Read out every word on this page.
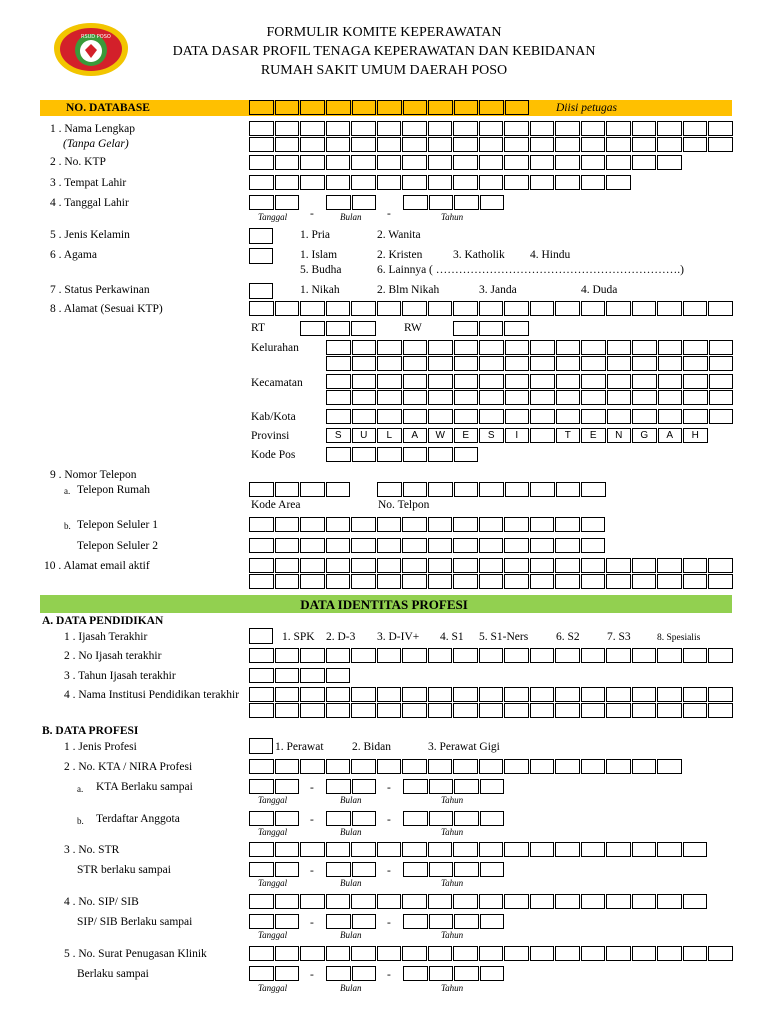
RSUD POSO	FORMULIR KOMITE KEPERAWATAN
DATA DASAR PROFIL TENAGA KEPERAWATAN DAN KEBIDANAN
RUMAH SAKIT UMUM DAERAH POSO
NO. DATABASE	Diisi petugas
1 . Nama Lengkap
(Tanpa Gelar)
2 . No. KTP
3 . Tempat Lahir
4 . Tanggal Lahir
-	-
Tanggal	Bulan	Tahun
5 . Jenis Kelamin	1. Pria	2. Wanita
6 . Agama	1. Islam	2. Kristen	3. Katholik 4. Hindu
5. Budha	6. Lainnya ( ……………………………………………………….)
7 . Status Perkawinan	1. Nikah	2. Blm Nikah	3. Janda	4. Duda
8 . Alamat (Sesuai KTP)
RT	RW
Kelurahan
Kecamatan
Kab/Kota
Provinsi	S	U	L	A	W	E	S	I	T	E	N	G	A	H
Kode Pos
9 . Nomor Telepon
a. Telepon Rumah
Kode Area	No. Telpon
b. Telepon Seluler 1
Telepon Seluler 2
10 . Alamat email aktif
DATA IDENTITAS PROFESI
A. DATA PENDIDIKAN
1 . Ijasah Terakhir	1. SPK 2. D-3 3. D-IV+ 4. S1 5. S1-Ners 6. S2 7. S3	8. Spesialis
2 . No Ijasah terakhir
3 . Tahun Ijasah terakhir
4 . Nama Institusi Pendidikan terakhir
B. DATA PROFESI
1 . Jenis Profesi	1. Perawat 2. Bidan	3. Perawat Gigi
2 . No. KTA / NIRA Profesi
a. KTA Berlaku sampai	-	-
Tanggal	Bulan	Tahun
b. Terdaftar Anggota	-	-
Tanggal	Bulan	Tahun
3 . No. STR
STR berlaku sampai	-	-
Tanggal	Bulan	Tahun
4 . No. SIP/ SIB
SIP/ SIB Berlaku sampai	-	-
Tanggal	Bulan	Tahun
5 . No. Surat Penugasan Klinik
Berlaku sampai	-	-
Tanggal	Bulan	Tahun
